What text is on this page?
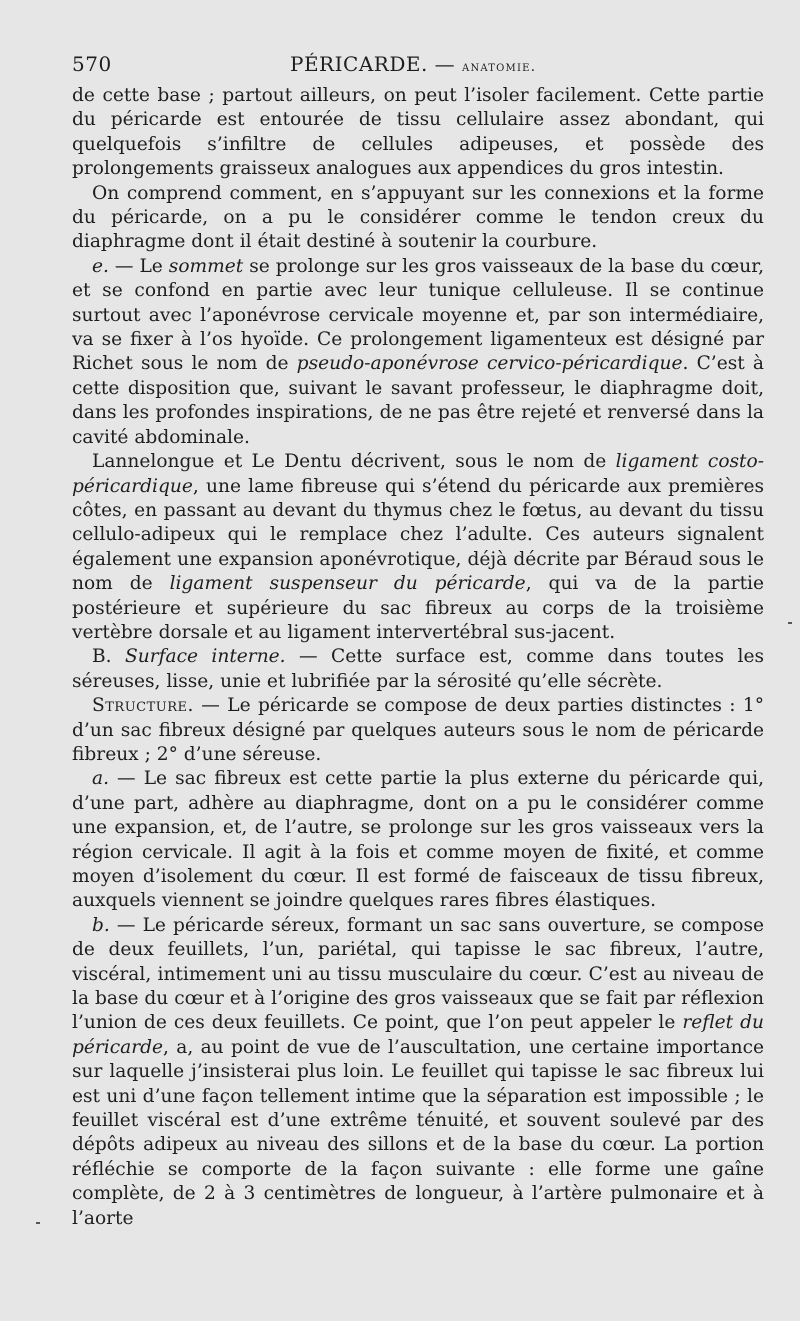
570	PÉRICARDE. — anatomie.

de cette base ; partout ailleurs, on peut l’isoler facilement. Cette partie du péricarde est entourée de tissu cellulaire assez abondant, qui quelquefois s’infiltre de cellules adipeuses, et possède des prolongements graisseux analogues aux appendices du gros intestin.

On comprend comment, en s’appuyant sur les connexions et la forme du péricarde, on a pu le considérer comme le tendon creux du diaphragme dont il était destiné à soutenir la courbure.

e. — Le sommet se prolonge sur les gros vaisseaux de la base du cœur, et se confond en partie avec leur tunique celluleuse. Il se continue surtout avec l’aponévrose cervicale moyenne et, par son intermédiaire, va se fixer à l’os hyoïde. Ce prolongement ligamenteux est désigné par Richet sous le nom de pseudo-aponévrose cervico-péricardique. C’est à cette disposition que, suivant le savant professeur, le diaphragme doit, dans les profondes inspirations, de ne pas être rejeté et renversé dans la cavité abdominale.

Lannelongue et Le Dentu décrivent, sous le nom de ligament costo-péricardique, une lame fibreuse qui s’étend du péricarde aux premières côtes, en passant au devant du thymus chez le fœtus, au devant du tissu cellulo-adipeux qui le remplace chez l’adulte. Ces auteurs signalent également une expansion aponévrotique, déjà décrite par Béraud sous le nom de ligament suspenseur du péricarde, qui va de la partie postérieure et supérieure du sac fibreux au corps de la troisième vertèbre dorsale et au ligament intervertébral sus-jacent.

B. Surface interne. — Cette surface est, comme dans toutes les séreuses, lisse, unie et lubrifiée par la sérosité qu’elle sécrète.

Structure. — Le péricarde se compose de deux parties distinctes : 1° d’un sac fibreux désigné par quelques auteurs sous le nom de péricarde fibreux ; 2° d’une séreuse.

a. — Le sac fibreux est cette partie la plus externe du péricarde qui, d’une part, adhère au diaphragme, dont on a pu le considérer comme une expansion, et, de l’autre, se prolonge sur les gros vaisseaux vers la région cervicale. Il agit à la fois et comme moyen de fixité, et comme moyen d’isolement du cœur. Il est formé de faisceaux de tissu fibreux, auxquels viennent se joindre quelques rares fibres élastiques.

b. — Le péricarde séreux, formant un sac sans ouverture, se compose de deux feuillets, l’un, pariétal, qui tapisse le sac fibreux, l’autre, viscéral, intimement uni au tissu musculaire du cœur. C’est au niveau de la base du cœur et à l’origine des gros vaisseaux que se fait par réflexion l’union de ces deux feuillets. Ce point, que l’on peut appeler le reflet du péricarde, a, au point de vue de l’auscultation, une certaine importance sur laquelle j’insisterai plus loin. Le feuillet qui tapisse le sac fibreux lui est uni d’une façon tellement intime que la séparation est impossible ; le feuillet viscéral est d’une extrême ténuité, et souvent soulevé par des dépôts adipeux au niveau des sillons et de la base du cœur. La portion réfléchie se comporte de la façon suivante : elle forme une gaîne complète, de 2 à 3 centimètres de longueur, à l’artère pulmonaire et à l’aorte
